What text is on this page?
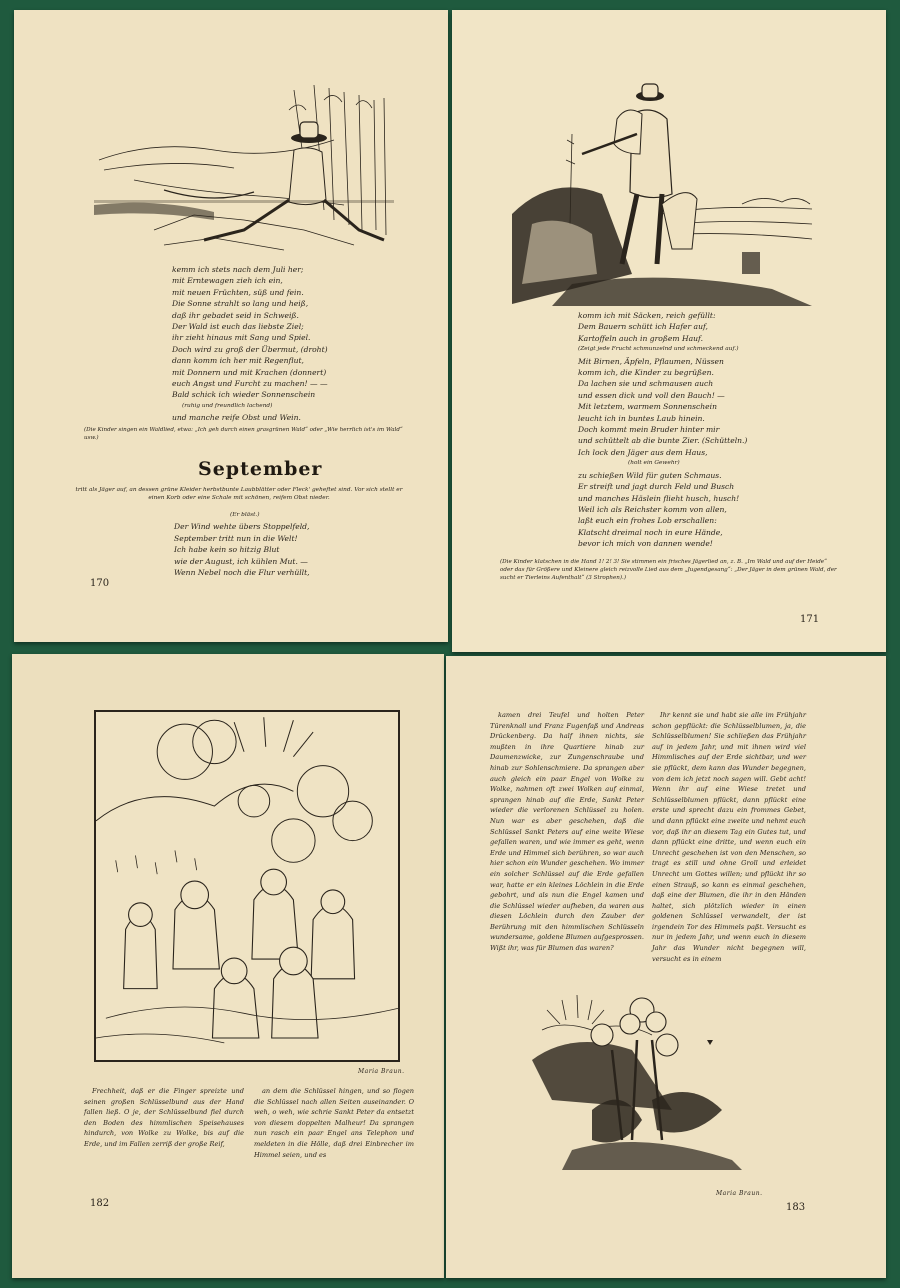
kemm ich stets nach dem Juli her;
mit Erntewagen zieh ich ein,
mit neuen Früchten, süß und fein.
Die Sonne strahlt so lang und heiß,
daß ihr gebadet seid in Schweiß.
Der Wald ist euch das liebste Ziel;
ihr zieht hinaus mit Sang und Spiel.
Doch wird zu groß der Übermut, (droht)
dann komm ich her mit Regenflut,
mit Donnern und mit Krachen (donnert)
euch Angst und Furcht zu machen! — —
Bald schick ich wieder Sonnenschein
(ruhig und freundlich lachend)
und manche reife Obst und Wein.
(Die Kinder singen ein Waldlied, etwa: „Ich geh durch einen grasgrünen Wald“ oder „Wie herrlich ist's im Wald“ usw.)
September
tritt als Jäger auf, an dessen grüne Kleider herbstbunte Laubblätter oder Fleck' geheftet sind. Vor sich stellt er einen Korb oder eine Schale mit schönen, reifem Obst nieder.
(Er bläst.)
Der Wind wehte übers Stoppelfeld,
September tritt nun in die Welt!
Ich habe kein so hitzig Blut
wie der August, ich kühlen Mut. —
Wenn Nebel noch die Flur verhüllt,
170
komm ich mit Säcken, reich gefüllt:
Dem Bauern schütt ich Hafer auf,
Kartoffeln auch in großem Hauf.
(Zeigt jede Frucht schmunzelnd und schmeckend auf.)
Mit Birnen, Äpfeln, Pflaumen, Nüssen
komm ich, die Kinder zu begrüßen.
Da lachen sie und schmausen auch
und essen dick und voll den Bauch! —
Mit letztem, warmem Sonnenschein
leucht ich in buntes Laub hinein.
Doch kommt mein Bruder hinter mir
und schüttelt ab die bunte Zier. (Schütteln.)
Ich lock den Jäger aus dem Haus,
(holt ein Gewehr)
zu schießen Wild für guten Schmaus.
Er streift und jagt durch Feld und Busch
und manches Häslein flieht husch, husch!
Weil ich als Reichster komm von allen,
laßt euch ein frohes Lob erschallen:
Klatscht dreimal noch in eure Hände,
bevor ich mich von dannen wende!
(Die Kinder klatschen in die Hand 1! 2! 3! Sie stimmen ein frisches Jägerlied an, z. B. „Im Wald und auf der Heide“ oder das für Größere und Kleinere gleich reizvolle Lied aus dem „Jugendgesang“: „Der Jäger in dem grünen Wald, der sucht er Tierleins Aufenthalt“ (3 Strophen).)
171
Maria Braun.

Frechheit, daß er die Finger spreizte und seinen großen Schlüsselbund aus der Hand fallen ließ. O je, der Schlüsselbund fiel durch den Boden des himmlischen Speisehauses hindurch, von Wolke zu Wolke, bis auf die Erde, und im Fallen zerriß der große Reif,

an dem die Schlüssel hingen, und so flogen die Schlüssel nach allen Seiten auseinander. O weh, o weh, wie schrie Sankt Peter da entsetzt von diesem doppelten Malheur! Da sprangen nun rasch ein paar Engel ans Telephon und meldeten in die Hölle, daß drei Einbrecher im Himmel seien, und es

182

kamen drei Teufel und holten Peter Türenknall und Franz Fugenfaß und Andreas Drückenberg. Da half ihnen nichts, sie mußten in ihre Quartiere hinab zur Daumenzwicke, zur Zungenschraube und hinab zur Sohlenschmiere. Da sprangen aber auch gleich ein paar Engel von Wolke zu Wolke, nahmen oft zwei Wolken auf einmal, sprangen hinab auf die Erde, Sankt Peter wieder die verlorenen Schlüssel zu holen. Nun war es aber geschehen, daß die Schlüssel Sankt Peters auf eine weite Wiese gefallen waren, und wie immer es geht, wenn Erde und Himmel sich berühren, so war auch hier schon ein Wunder geschehen. Wo immer ein solcher Schlüssel auf die Erde gefallen war, hatte er ein kleines Löchlein in die Erde gebohrt, und als nun die Engel kamen und die Schlüssel wieder aufheben, da waren aus diesen Löchlein durch den Zauber der Berührung mit den himmlischen Schlüsseln wundersame, goldene Blumen aufgesprossen. Wißt ihr, was für Blumen das waren?

Ihr kennt sie und habt sie alle im Frühjahr schon gepflückt: die Schlüsselblumen, ja, die Schlüsselblumen! Sie schließen das Frühjahr auf in jedem Jahr, und mit ihnen wird viel Himmlisches auf der Erde sichtbar, und wer sie pflückt, dem kann das Wunder begegnen, von dem ich jetzt noch sagen will. Gebt acht! Wenn ihr auf eine Wiese tretet und Schlüsselblumen pflückt, dann pflückt eine erste und sprecht dazu ein frommes Gebet, und dann pflückt eine zweite und nehmt euch vor, daß ihr an diesem Tag ein Gutes tut, und dann pflückt eine dritte, und wenn euch ein Unrecht geschehen ist von den Menschen, so tragt es still und ohne Groll und erleidet Unrecht um Gottes willen; und pflückt ihr so einen Strauß, so kann es einmal geschehen, daß eine der Blumen, die ihr in den Händen haltet, sich plötzlich wieder in einen goldenen Schlüssel verwandelt, der ist irgendein Tor des Himmels paßt. Versucht es nur in jedem Jahr, und wenn euch in diesem Jahr das Wunder nicht begegnen will, versucht es in einem

Maria Braun.
183
